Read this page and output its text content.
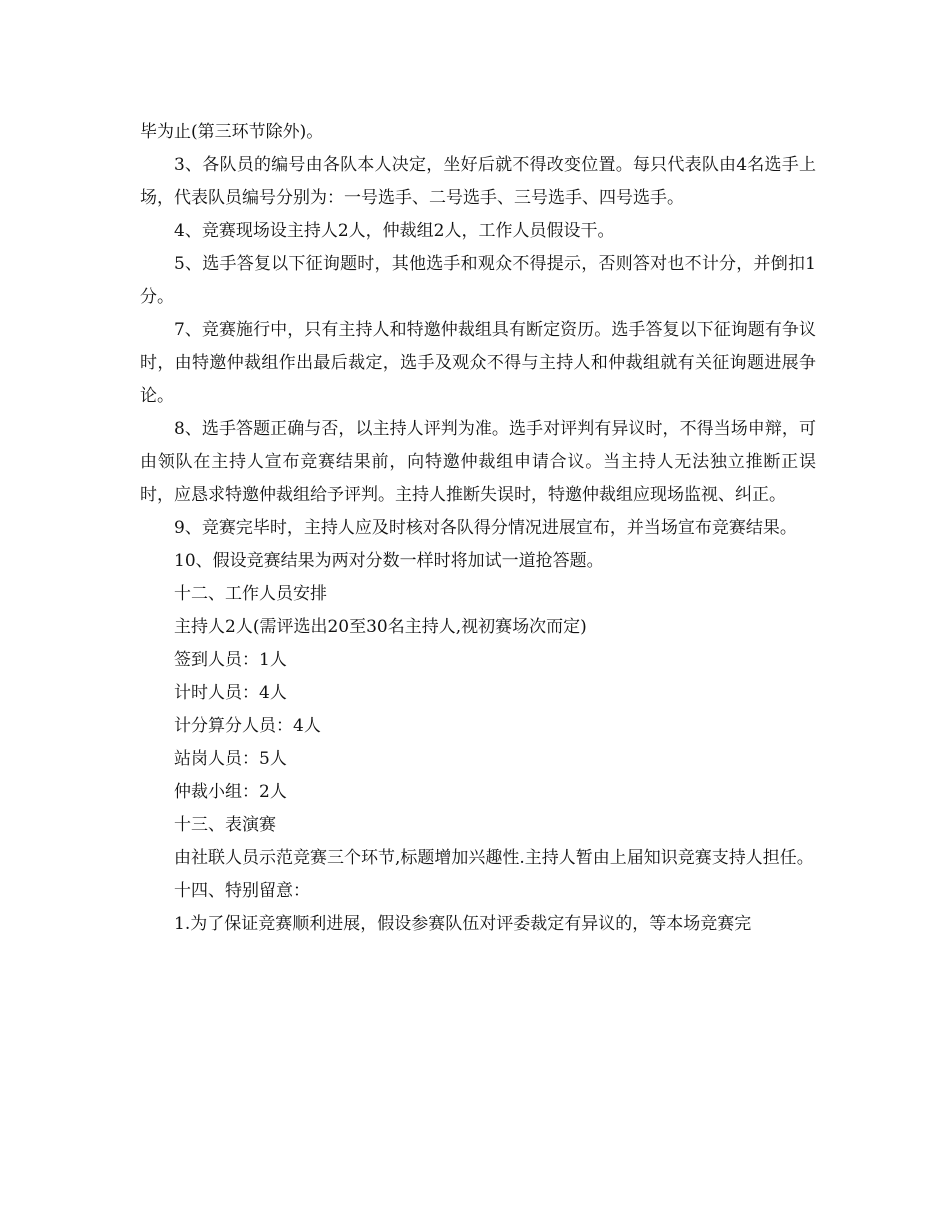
毕为止(第三环节除外)。

3、各队员的编号由各队本人决定，坐好后就不得改变位置。每只代表队由4名选手上场，代表队员编号分别为：一号选手、二号选手、三号选手、四号选手。

4、竞赛现场设主持人2人，仲裁组2人，工作人员假设干。

5、选手答复以下征询题时，其他选手和观众不得提示，否则答对也不计分，并倒扣1分。

7、竞赛施行中，只有主持人和特邀仲裁组具有断定资历。选手答复以下征询题有争议时，由特邀仲裁组作出最后裁定，选手及观众不得与主持人和仲裁组就有关征询题进展争论。

8、选手答题正确与否，以主持人评判为准。选手对评判有异议时，不得当场申辩，可由领队在主持人宣布竞赛结果前，向特邀仲裁组申请合议。当主持人无法独立推断正误时，应恳求特邀仲裁组给予评判。主持人推断失误时，特邀仲裁组应现场监视、纠正。

9、竞赛完毕时，主持人应及时核对各队得分情况进展宣布，并当场宣布竞赛结果。

10、假设竞赛结果为两对分数一样时将加试一道抢答题。

十二、工作人员安排

主持人2人(需评选出20至30名主持人,视初赛场次而定)

签到人员：1人

计时人员：4人

计分算分人员：4人

站岗人员：5人

仲裁小组：2人

十三、表演赛

由社联人员示范竞赛三个环节,标题增加兴趣性.主持人暂由上届知识竞赛支持人担任。

十四、特别留意：

1.为了保证竞赛顺利进展，假设参赛队伍对评委裁定有异议的，等本场竞赛完
